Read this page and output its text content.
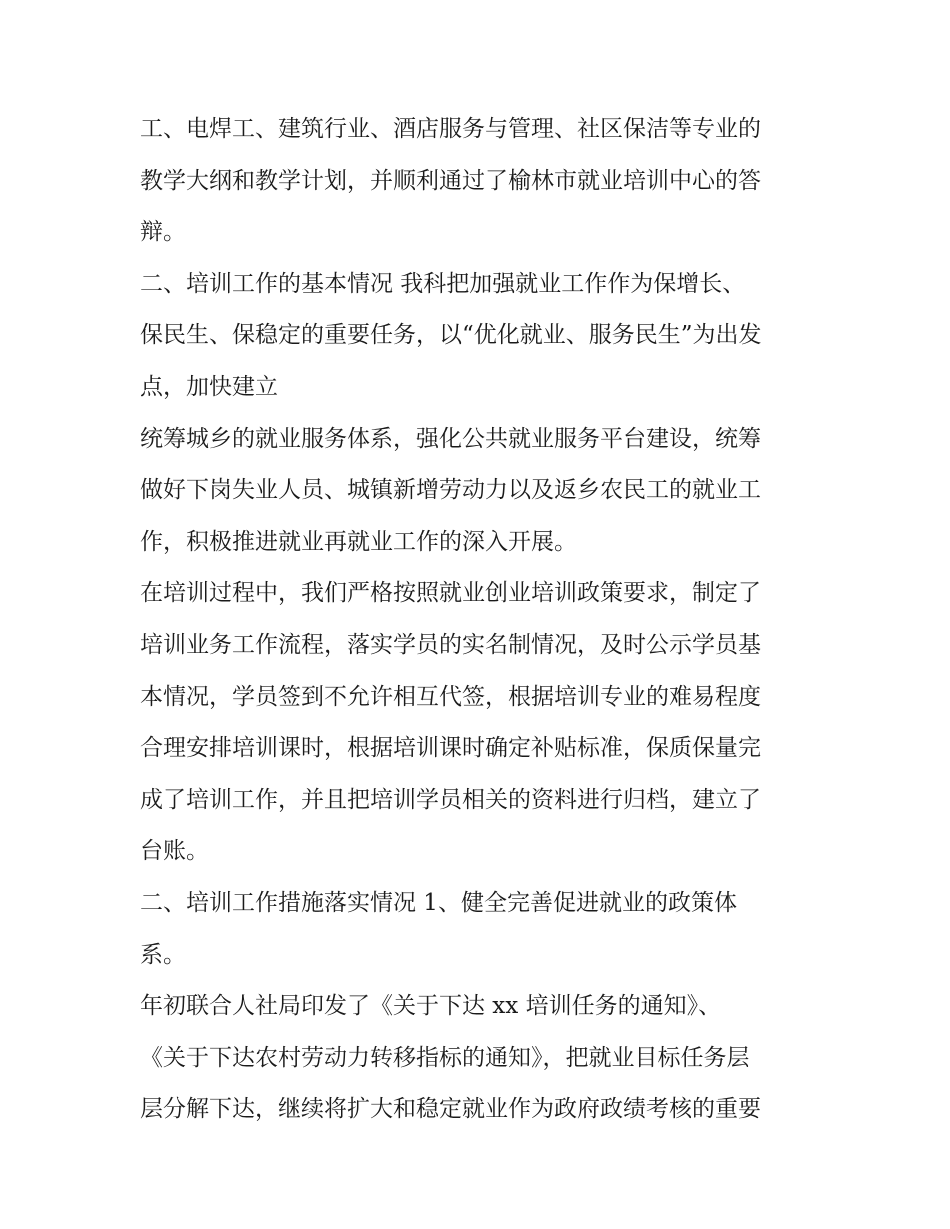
工、电焊工、建筑行业、酒店服务与管理、社区保洁等专业的
教学大纲和教学计划，并顺利通过了榆林市就业培训中心的答
辩。
二、培训工作的基本情况 我科把加强就业工作作为保增长、
保民生、保稳定的重要任务，以“优化就业、服务民生”为出发
点，加快建立
统筹城乡的就业服务体系，强化公共就业服务平台建设，统筹
做好下岗失业人员、城镇新增劳动力以及返乡农民工的就业工
作，积极推进就业再就业工作的深入开展。
在培训过程中，我们严格按照就业创业培训政策要求，制定了
培训业务工作流程，落实学员的实名制情况，及时公示学员基
本情况，学员签到不允许相互代签，根据培训专业的难易程度
合理安排培训课时，根据培训课时确定补贴标准，保质保量完
成了培训工作，并且把培训学员相关的资料进行归档，建立了
台账。
二、培训工作措施落实情况 1、健全完善促进就业的政策体
系。
年初联合人社局印发了《关于下达 xx 培训任务的通知》、
《关于下达农村劳动力转移指标的通知》，把就业目标任务层
层分解下达，继续将扩大和稳定就业作为政府政绩考核的重要
